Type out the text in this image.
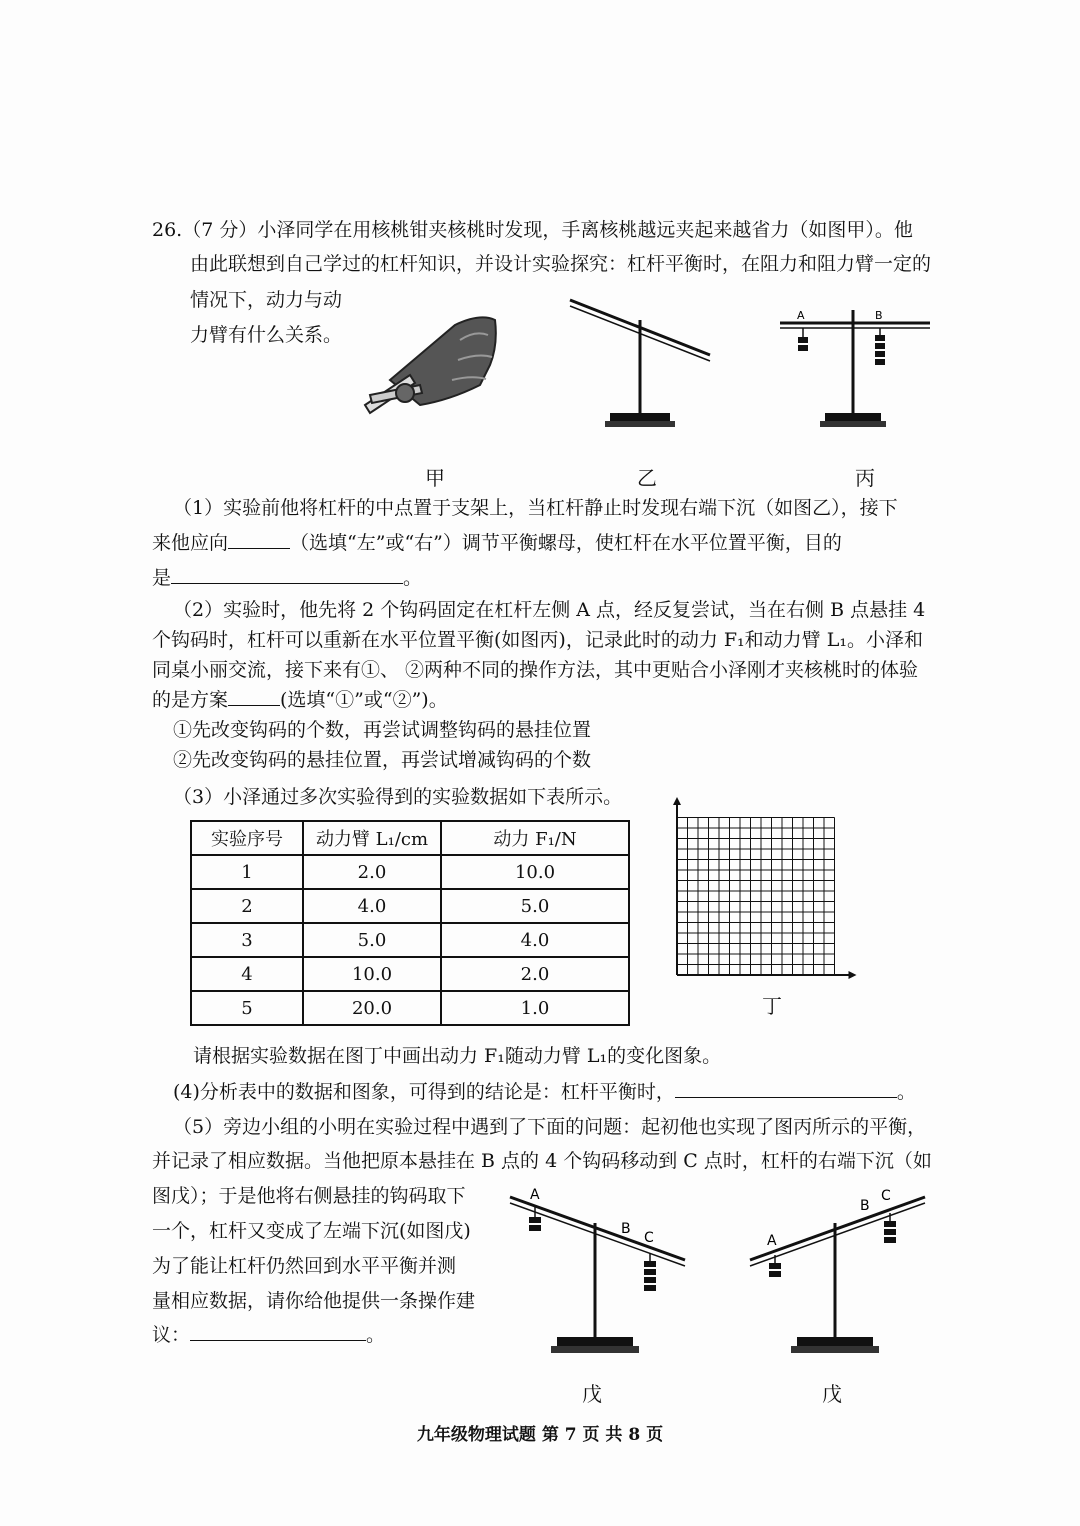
26.（7 分）小泽同学在用核桃钳夹核桃时发现，手离核桃越远夹起来越省力（如图甲）。他
由此联想到自己学过的杠杆知识，并设计实验探究：杠杆平衡时，在阻力和阻力臂一定的
情况下，动力与动
力臂有什么关系。
A	B
甲	乙	丙
（1）实验前他将杠杆的中点置于支架上，当杠杆静止时发现右端下沉（如图乙），接下
来他应向	（选填“左”或“右”）调节平衡螺母，使杠杆在水平位置平衡，目的
是	。
（2）实验时，他先将 2 个钩码固定在杠杆左侧 A 点，经反复尝试，当在右侧 B 点悬挂 4
个钩码时，杠杆可以重新在水平位置平衡(如图丙)，记录此时的动力 F₁和动力臂 L₁。小泽和
同桌小丽交流，接下来有①、 ②两种不同的操作方法，其中更贴合小泽刚才夹核桃时的体验
的是方案	(选填“①”或“②”)。
①先改变钩码的个数，再尝试调整钩码的悬挂位置
②先改变钩码的悬挂位置，再尝试增减钩码的个数
（3）小泽通过多次实验得到的实验数据如下表所示。
实验序号	动力臂 L₁/cm	动力 F₁/N
1	2.0	10.0
2	4.0	5.0
3	5.0	4.0
4	10.0	2.0
5	20.0	1.0	丁
请根据实验数据在图丁中画出动力 F₁随动力臂 L₁的变化图象。
(4)分析表中的数据和图象，可得到的结论是：杠杆平衡时，	。
（5）旁边小组的小明在实验过程中遇到了下面的问题：起初他也实现了图丙所示的平衡，
并记录了相应数据。当他把原本悬挂在 B 点的 4 个钩码移动到 C 点时，杠杆的右端下沉（如
图戊）；于是他将右侧悬挂的钩码取下
一个，杠杆又变成了左端下沉(如图戊)
为了能让杠杆仍然回到水平平衡并测
量相应数据，请你给他提供一条操作建
议：	。
A
B
C	A
B
C
戊	戊
九年级物理试题 第 7 页 共 8 页
